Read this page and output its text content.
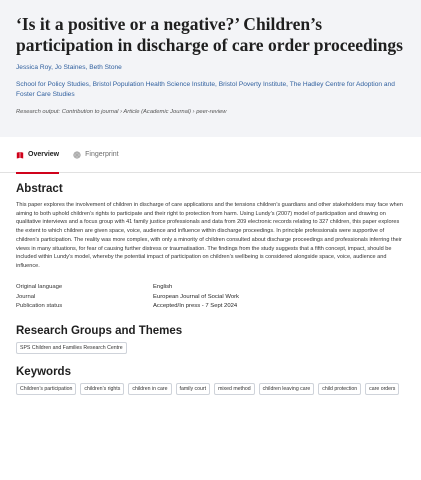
‘Is it a positive or a negative?’ Children’s participation in discharge of care order proceedings
Jessica Roy, Jo Staines, Beth Stone
School for Policy Studies, Bristol Population Health Science Institute, Bristol Poverty Institute, The Hadley Centre for Adoption and Foster Care Studies
Research output: Contribution to journal › Article (Academic Journal) › peer-review
Overview	Fingerprint
Abstract

This paper explores the involvement of children in discharge of care applications and the tensions children’s guardians and other stakeholders may face when aiming to both uphold children’s rights to participate and their right to protection from harm. Using Lundy’s (2007) model of participation and drawing on qualitative interviews and a focus group with 41 family justice professionals and data from 209 electronic records relating to 327 children, this paper explores the extent to which children are given space, voice, audience and influence within discharge proceedings. In principle professionals were supportive of children’s participation. The reality was more complex, with only a minority of children consulted about discharge proceedings and professionals inferring their views in many situations, for fear of causing further distress or traumatisation. The findings from the study suggests that a fifth concept, impact, should be included within Lundy’s model, whereby the potential impact of participation on children’s wellbeing is considered alongside space, voice, audience and influence.

Original language	English
Journal	European Journal of Social Work
Publication status	Accepted/In press - 7 Sept 2024
Research Groups and Themes
SPS Children and Families Research Centre
Keywords
Children’s participation	children’s rights	children in care	family court	mixed method	children leaving care	child protection	care orders
